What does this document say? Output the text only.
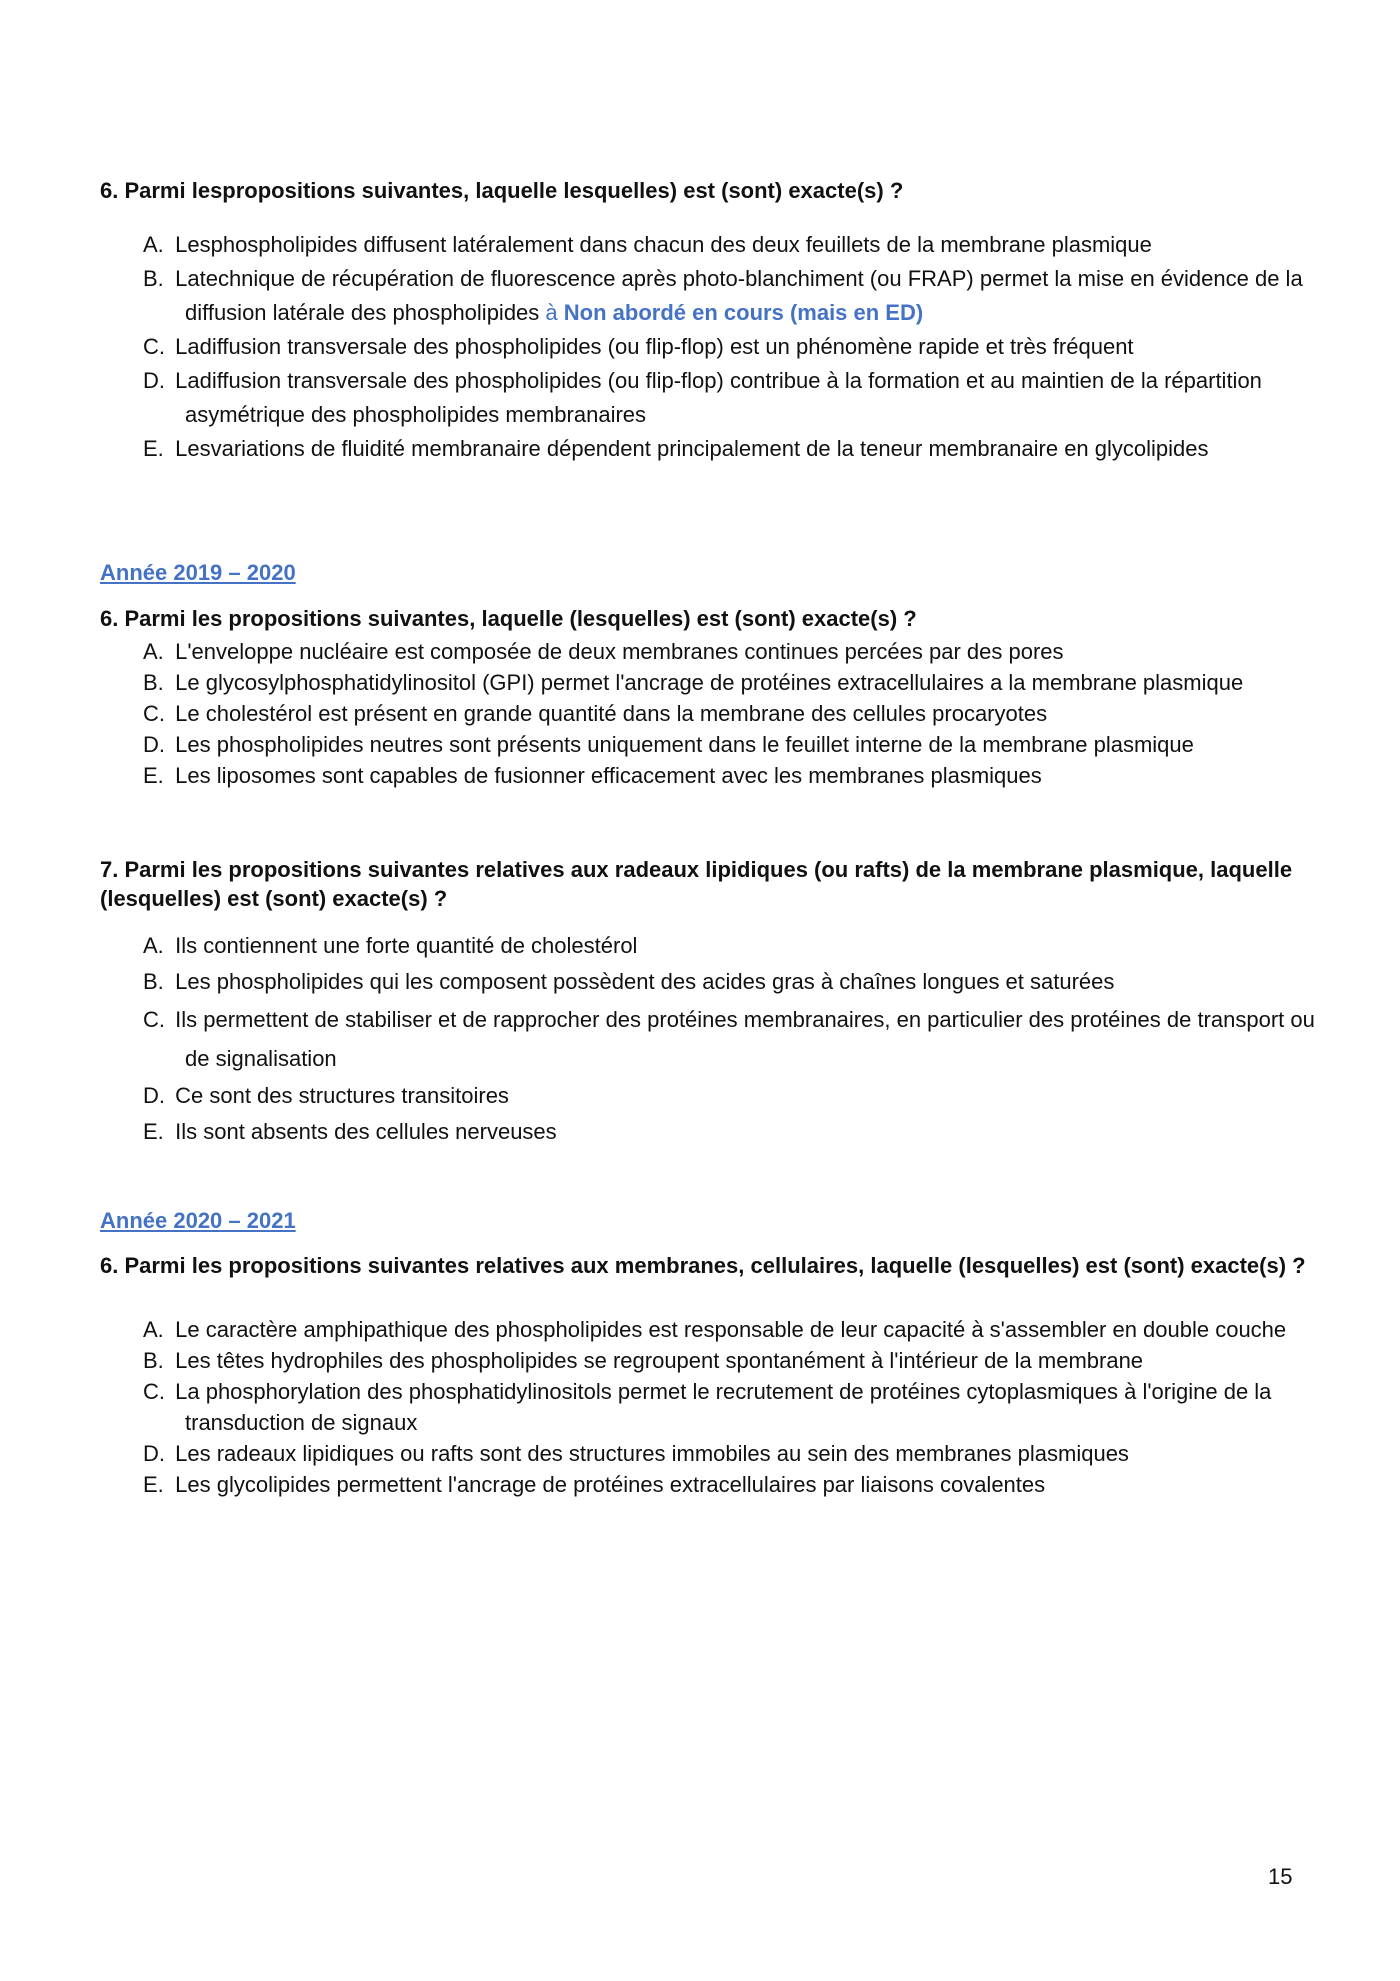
6. Parmi lespropositions suivantes, laquelle lesquelles) est (sont) exacte(s) ?

A. Lesphospholipides diffusent latéralement dans chacun des deux feuillets de la membrane plasmique
B. Latechnique de récupération de fluorescence après photo-blanchiment (ou FRAP) permet la mise en évidence de la diffusion latérale des phospholipides à Non abordé en cours (mais en ED)
C. Ladiffusion transversale des phospholipides (ou flip-flop) est un phénomène rapide et très fréquent
D. Ladiffusion transversale des phospholipides (ou flip-flop) contribue à la formation et au maintien de la répartition asymétrique des phospholipides membranaires
E. Lesvariations de fluidité membranaire dépendent principalement de la teneur membranaire en glycolipides

Année 2019 – 2020

6. Parmi les propositions suivantes, laquelle (lesquelles) est (sont) exacte(s) ?

A. L'enveloppe nucléaire est composée de deux membranes continues percées par des pores
B. Le glycosylphosphatidylinositol (GPI) permet l'ancrage de protéines extracellulaires a la membrane plasmique
C. Le cholestérol est présent en grande quantité dans la membrane des cellules procaryotes
D. Les phospholipides neutres sont présents uniquement dans le feuillet interne de la membrane plasmique
E. Les liposomes sont capables de fusionner efficacement avec les membranes plasmiques

7. Parmi les propositions suivantes relatives aux radeaux lipidiques (ou rafts) de la membrane plasmique, laquelle (lesquelles) est (sont) exacte(s) ?

A. Ils contiennent une forte quantité de cholestérol
B. Les phospholipides qui les composent possèdent des acides gras à chaînes longues et saturées
C. Ils permettent de stabiliser et de rapprocher des protéines membranaires, en particulier des protéines de transport ou de signalisation
D. Ce sont des structures transitoires
E. Ils sont absents des cellules nerveuses

Année 2020 – 2021

6. Parmi les propositions suivantes relatives aux membranes, cellulaires, laquelle (lesquelles) est (sont) exacte(s) ?

A. Le caractère amphipathique des phospholipides est responsable de leur capacité à s'assembler en double couche
B. Les têtes hydrophiles des phospholipides se regroupent spontanément à l'intérieur de la membrane
C. La phosphorylation des phosphatidylinositols permet le recrutement de protéines cytoplasmiques à l'origine de la transduction de signaux
D. Les radeaux lipidiques ou rafts sont des structures immobiles au sein des membranes plasmiques
E. Les glycolipides permettent l'ancrage de protéines extracellulaires par liaisons covalentes
15
